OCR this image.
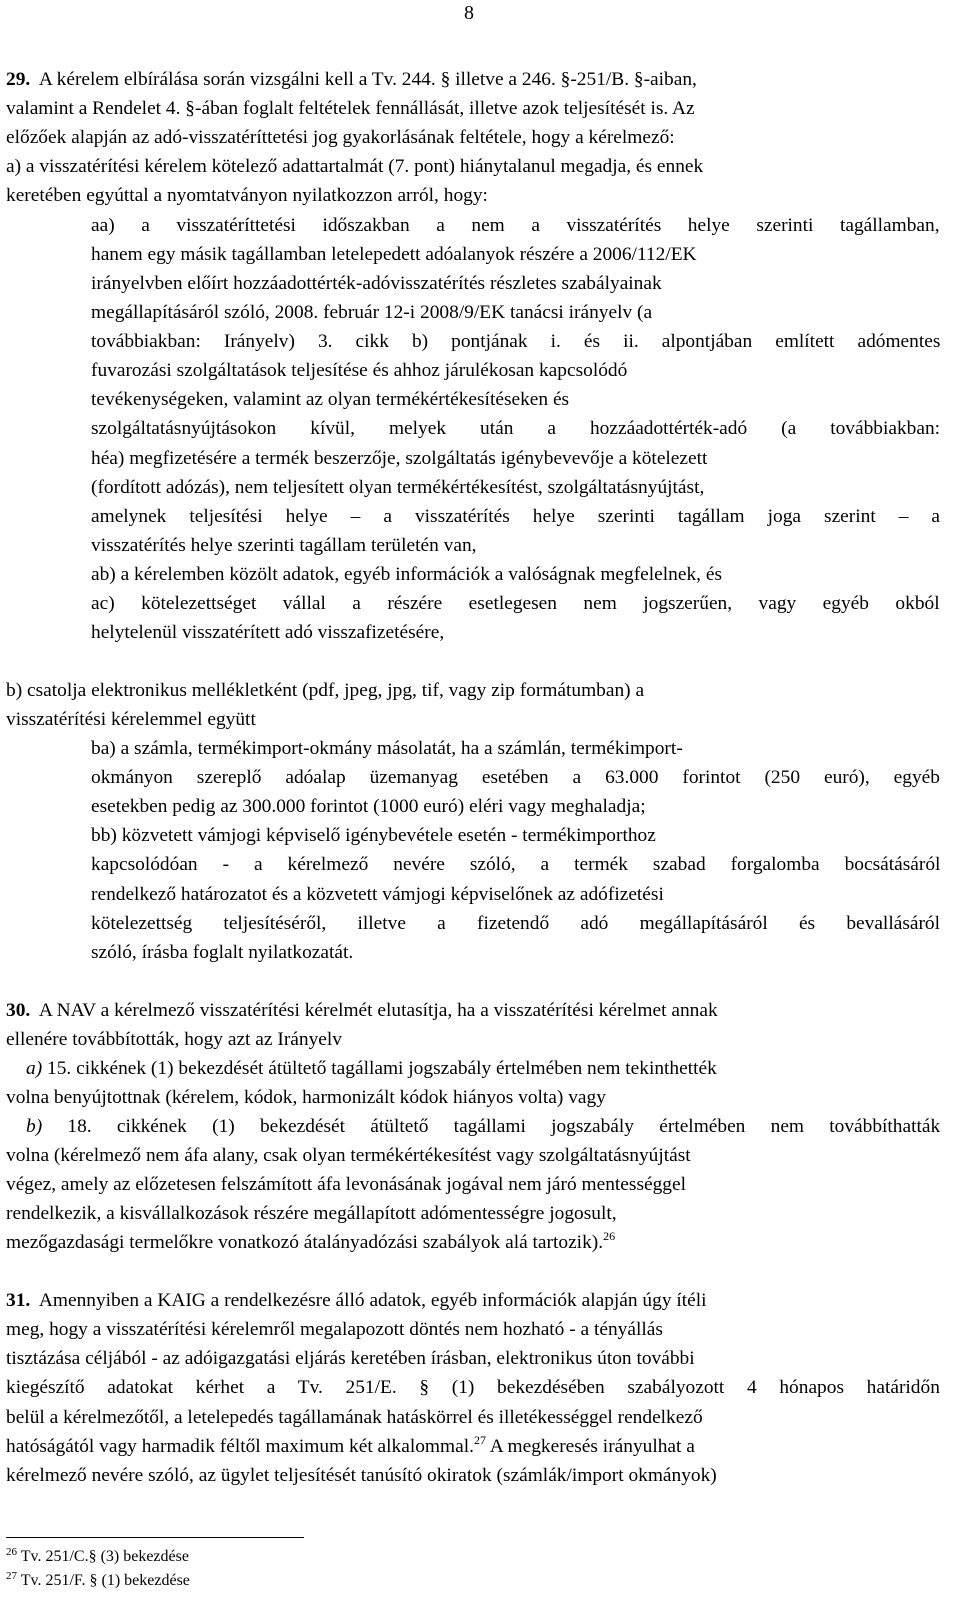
8
29. A kérelem elbírálása során vizsgálni kell a Tv. 244. § illetve a 246. §-251/B. §-aiban,
valamint a Rendelet 4. §-ában foglalt feltételek fennállását, illetve azok teljesítését is. Az
előzőek alapján az adó-visszatéríttetési jog gyakorlásának feltétele, hogy a kérelmező:
a) a visszatérítési kérelem kötelező adattartalmát (7. pont) hiánytalanul megadja, és ennek
keretében egyúttal a nyomtatványon nyilatkozzon arról, hogy:
aa) a visszatéríttetési időszakban a nem a visszatérítés helye szerinti tagállamban,
hanem egy másik tagállamban letelepedett adóalanyok részére a 2006/112/EK
irányelvben előírt hozzáadottérték-adóvisszatérítés részletes szabályainak
megállapításáról szóló, 2008. február 12-i 2008/9/EK tanácsi irányelv (a
továbbiakban: Irányelv) 3. cikk b) pontjának i. és ii. alpontjában említett adómentes
fuvarozási szolgáltatások teljesítése és ahhoz járulékosan kapcsolódó
tevékenységeken, valamint az olyan termékértékesítéseken és
szolgáltatásnyújtásokon kívül, melyek után a hozzáadottérték-adó (a továbbiakban:
héa) megfizetésére a termék beszerzője, szolgáltatás igénybevevője a kötelezett
(fordított adózás), nem teljesített olyan termékértékesítést, szolgáltatásnyújtást,
amelynek teljesítési helye – a visszatérítés helye szerinti tagállam joga szerint – a
visszatérítés helye szerinti tagállam területén van,
ab) a kérelemben közölt adatok, egyéb információk a valóságnak megfelelnek, és
ac) kötelezettséget vállal a részére esetlegesen nem jogszerűen, vagy egyéb okból
helytelenül visszatérített adó visszafizetésére,
b) csatolja elektronikus mellékletként (pdf, jpeg, jpg, tif, vagy zip formátumban) a
visszatérítési kérelemmel együtt
ba) a számla, termékimport-okmány másolatát, ha a számlán, termékimport-
okmányon szereplő adóalap üzemanyag esetében a 63.000 forintot (250 euró), egyéb
esetekben pedig az 300.000 forintot (1000 euró) eléri vagy meghaladja;
bb) közvetett vámjogi képviselő igénybevétele esetén - termékimporthoz
kapcsolódóan - a kérelmező nevére szóló, a termék szabad forgalomba bocsátásáról
rendelkező határozatot és a közvetett vámjogi képviselőnek az adófizetési
kötelezettség teljesítéséről, illetve a fizetendő adó megállapításáról és bevallásáról
szóló, írásba foglalt nyilatkozatát.
30. A NAV a kérelmező visszatérítési kérelmét elutasítja, ha a visszatérítési kérelmet annak
ellenére továbbították, hogy azt az Irányelv
a) 15. cikkének (1) bekezdését átültető tagállami jogszabály értelmében nem tekinthették
volna benyújtottnak (kérelem, kódok, harmonizált kódok hiányos volta) vagy
b) 18. cikkének (1) bekezdését átültető tagállami jogszabály értelmében nem továbbíthatták
volna (kérelmező nem áfa alany, csak olyan termékértékesítést vagy szolgáltatásnyújtást
végez, amely az előzetesen felszámított áfa levonásának jogával nem járó mentességgel
rendelkezik, a kisvállalkozások részére megállapított adómentességre jogosult,
mezőgazdasági termelőkre vonatkozó átalányadózási szabályok alá tartozik).$^{26}$
31. Amennyiben a KAIG a rendelkezésre álló adatok, egyéb információk alapján úgy ítéli
meg, hogy a visszatérítési kérelemről megalapozott döntés nem hozható - a tényállás
tisztázása céljából - az adóigazgatási eljárás keretében írásban, elektronikus úton további
kiegészítő adatokat kérhet a Tv. 251/E. § (1) bekezdésében szabályozott 4 hónapos határidőn
belül a kérelmezőtől, a letelepedés tagállamának hatáskörrel és illetékességgel rendelkező
hatóságától vagy harmadik féltől maximum két alkalommal.$^{27}$ A megkeresés irányulhat a
kérelmező nevére szóló, az ügylet teljesítését tanúsító okiratok (számlák/import okmányok)
$^{26}$ Tv. 251/C.§ (3) bekezdése
$^{27}$ Tv. 251/F. § (1) bekezdése
